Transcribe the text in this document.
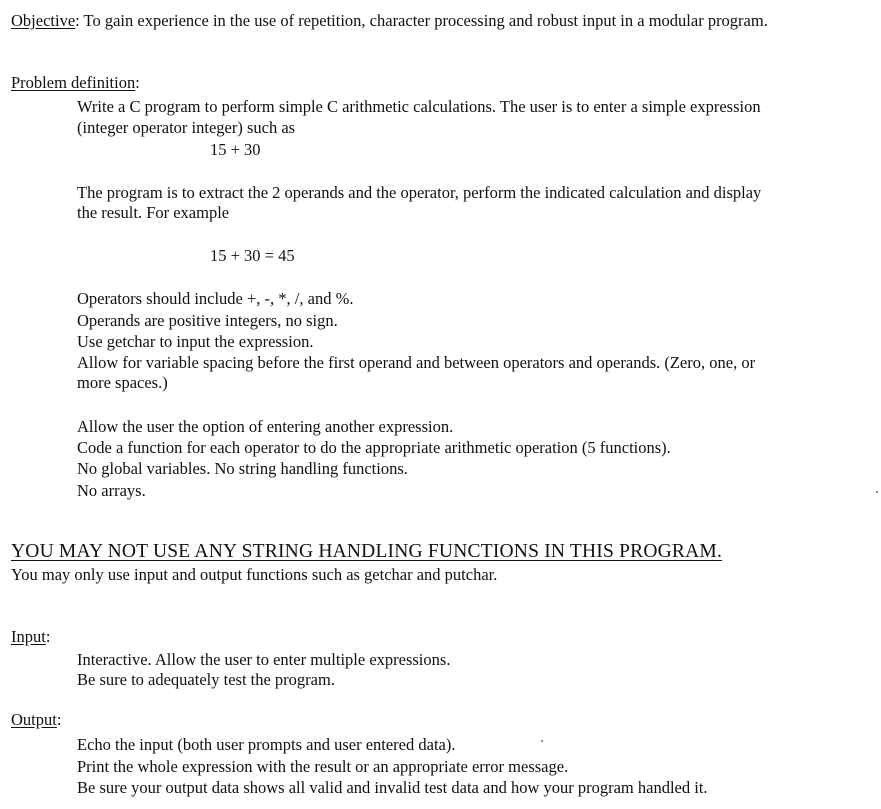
Objective: To gain experience in the use of repetition, character processing and robust input in a modular program.
Problem definition:
Write a C program to perform simple C arithmetic calculations. The user is to enter a simple expression
(integer operator integer) such as
15 + 30
The program is to extract the 2 operands and the operator, perform the indicated calculation and display
the result. For example
15 + 30 = 45
Operators should include +, -, *, /, and %.
Operands are positive integers, no sign.
Use getchar to input the expression.
Allow for variable spacing before the first operand and between operators and operands. (Zero, one, or
more spaces.)
Allow the user the option of entering another expression.
Code a function for each operator to do the appropriate arithmetic operation (5 functions).
No global variables. No string handling functions.
No arrays.
YOU MAY NOT USE ANY STRING HANDLING FUNCTIONS IN THIS PROGRAM.
You may only use input and output functions such as getchar and putchar.
Input:
Interactive. Allow the user to enter multiple expressions.
Be sure to adequately test the program.
Output:
Echo the input (both user prompts and user entered data).
Print the whole expression with the result or an appropriate error message.
Be sure your output data shows all valid and invalid test data and how your program handled it.
